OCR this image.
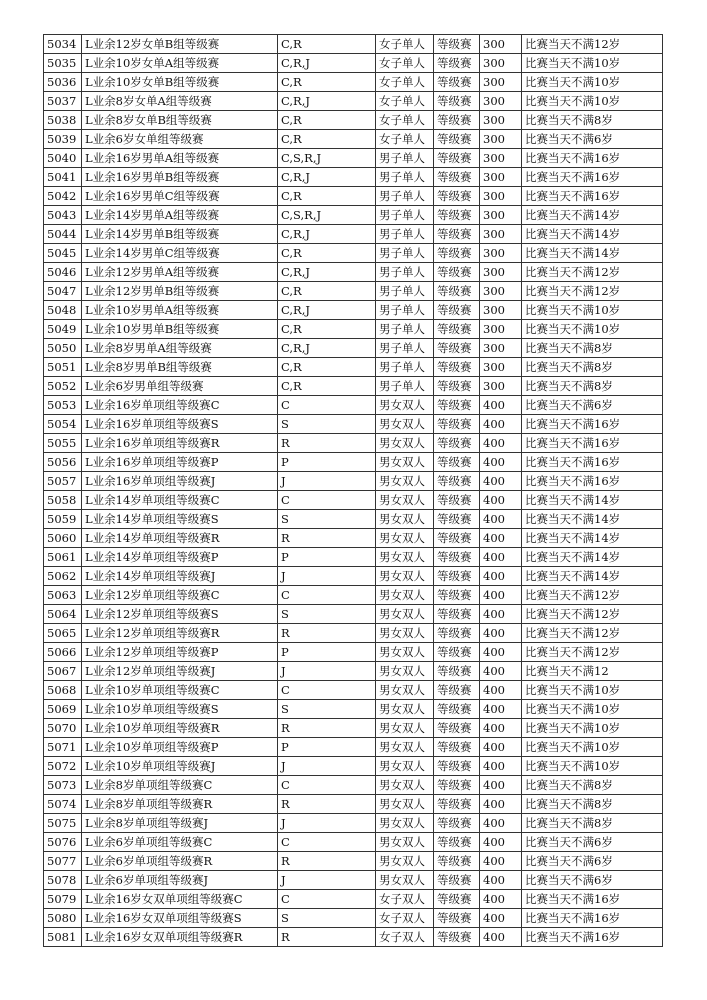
5034	L业余12岁女单B组等级赛	C,R	女子单人	等级赛	300	比赛当天不满12岁
5035	L业余10岁女单A组等级赛	C,R,J	女子单人	等级赛	300	比赛当天不满10岁
5036	L业余10岁女单B组等级赛	C,R	女子单人	等级赛	300	比赛当天不满10岁
5037	L业余8岁女单A组等级赛	C,R,J	女子单人	等级赛	300	比赛当天不满10岁
5038	L业余8岁女单B组等级赛	C,R	女子单人	等级赛	300	比赛当天不满8岁
5039	L业余6岁女单组等级赛	C,R	女子单人	等级赛	300	比赛当天不满6岁
5040	L业余16岁男单A组等级赛	C,S,R,J	男子单人	等级赛	300	比赛当天不满16岁
5041	L业余16岁男单B组等级赛	C,R,J	男子单人	等级赛	300	比赛当天不满16岁
5042	L业余16岁男单C组等级赛	C,R	男子单人	等级赛	300	比赛当天不满16岁
5043	L业余14岁男单A组等级赛	C,S,R,J	男子单人	等级赛	300	比赛当天不满14岁
5044	L业余14岁男单B组等级赛	C,R,J	男子单人	等级赛	300	比赛当天不满14岁
5045	L业余14岁男单C组等级赛	C,R	男子单人	等级赛	300	比赛当天不满14岁
5046	L业余12岁男单A组等级赛	C,R,J	男子单人	等级赛	300	比赛当天不满12岁
5047	L业余12岁男单B组等级赛	C,R	男子单人	等级赛	300	比赛当天不满12岁
5048	L业余10岁男单A组等级赛	C,R,J	男子单人	等级赛	300	比赛当天不满10岁
5049	L业余10岁男单B组等级赛	C,R	男子单人	等级赛	300	比赛当天不满10岁
5050	L业余8岁男单A组等级赛	C,R,J	男子单人	等级赛	300	比赛当天不满8岁
5051	L业余8岁男单B组等级赛	C,R	男子单人	等级赛	300	比赛当天不满8岁
5052	L业余6岁男单组等级赛	C,R	男子单人	等级赛	300	比赛当天不满8岁
5053	L业余16岁单项组等级赛C	C	男女双人	等级赛	400	比赛当天不满6岁
5054	L业余16岁单项组等级赛S	S	男女双人	等级赛	400	比赛当天不满16岁
5055	L业余16岁单项组等级赛R	R	男女双人	等级赛	400	比赛当天不满16岁
5056	L业余16岁单项组等级赛P	P	男女双人	等级赛	400	比赛当天不满16岁
5057	L业余16岁单项组等级赛J	J	男女双人	等级赛	400	比赛当天不满16岁
5058	L业余14岁单项组等级赛C	C	男女双人	等级赛	400	比赛当天不满14岁
5059	L业余14岁单项组等级赛S	S	男女双人	等级赛	400	比赛当天不满14岁
5060	L业余14岁单项组等级赛R	R	男女双人	等级赛	400	比赛当天不满14岁
5061	L业余14岁单项组等级赛P	P	男女双人	等级赛	400	比赛当天不满14岁
5062	L业余14岁单项组等级赛J	J	男女双人	等级赛	400	比赛当天不满14岁
5063	L业余12岁单项组等级赛C	C	男女双人	等级赛	400	比赛当天不满12岁
5064	L业余12岁单项组等级赛S	S	男女双人	等级赛	400	比赛当天不满12岁
5065	L业余12岁单项组等级赛R	R	男女双人	等级赛	400	比赛当天不满12岁
5066	L业余12岁单项组等级赛P	P	男女双人	等级赛	400	比赛当天不满12岁
5067	L业余12岁单项组等级赛J	J	男女双人	等级赛	400	比赛当天不满12
5068	L业余10岁单项组等级赛C	C	男女双人	等级赛	400	比赛当天不满10岁
5069	L业余10岁单项组等级赛S	S	男女双人	等级赛	400	比赛当天不满10岁
5070	L业余10岁单项组等级赛R	R	男女双人	等级赛	400	比赛当天不满10岁
5071	L业余10岁单项组等级赛P	P	男女双人	等级赛	400	比赛当天不满10岁
5072	L业余10岁单项组等级赛J	J	男女双人	等级赛	400	比赛当天不满10岁
5073	L业余8岁单项组等级赛C	C	男女双人	等级赛	400	比赛当天不满8岁
5074	L业余8岁单项组等级赛R	R	男女双人	等级赛	400	比赛当天不满8岁
5075	L业余8岁单项组等级赛J	J	男女双人	等级赛	400	比赛当天不满8岁
5076	L业余6岁单项组等级赛C	C	男女双人	等级赛	400	比赛当天不满6岁
5077	L业余6岁单项组等级赛R	R	男女双人	等级赛	400	比赛当天不满6岁
5078	L业余6岁单项组等级赛J	J	男女双人	等级赛	400	比赛当天不满6岁
5079	L业余16岁女双单项组等级赛C	C	女子双人	等级赛	400	比赛当天不满16岁
5080	L业余16岁女双单项组等级赛S	S	女子双人	等级赛	400	比赛当天不满16岁
5081	L业余16岁女双单项组等级赛R	R	女子双人	等级赛	400	比赛当天不满16岁
